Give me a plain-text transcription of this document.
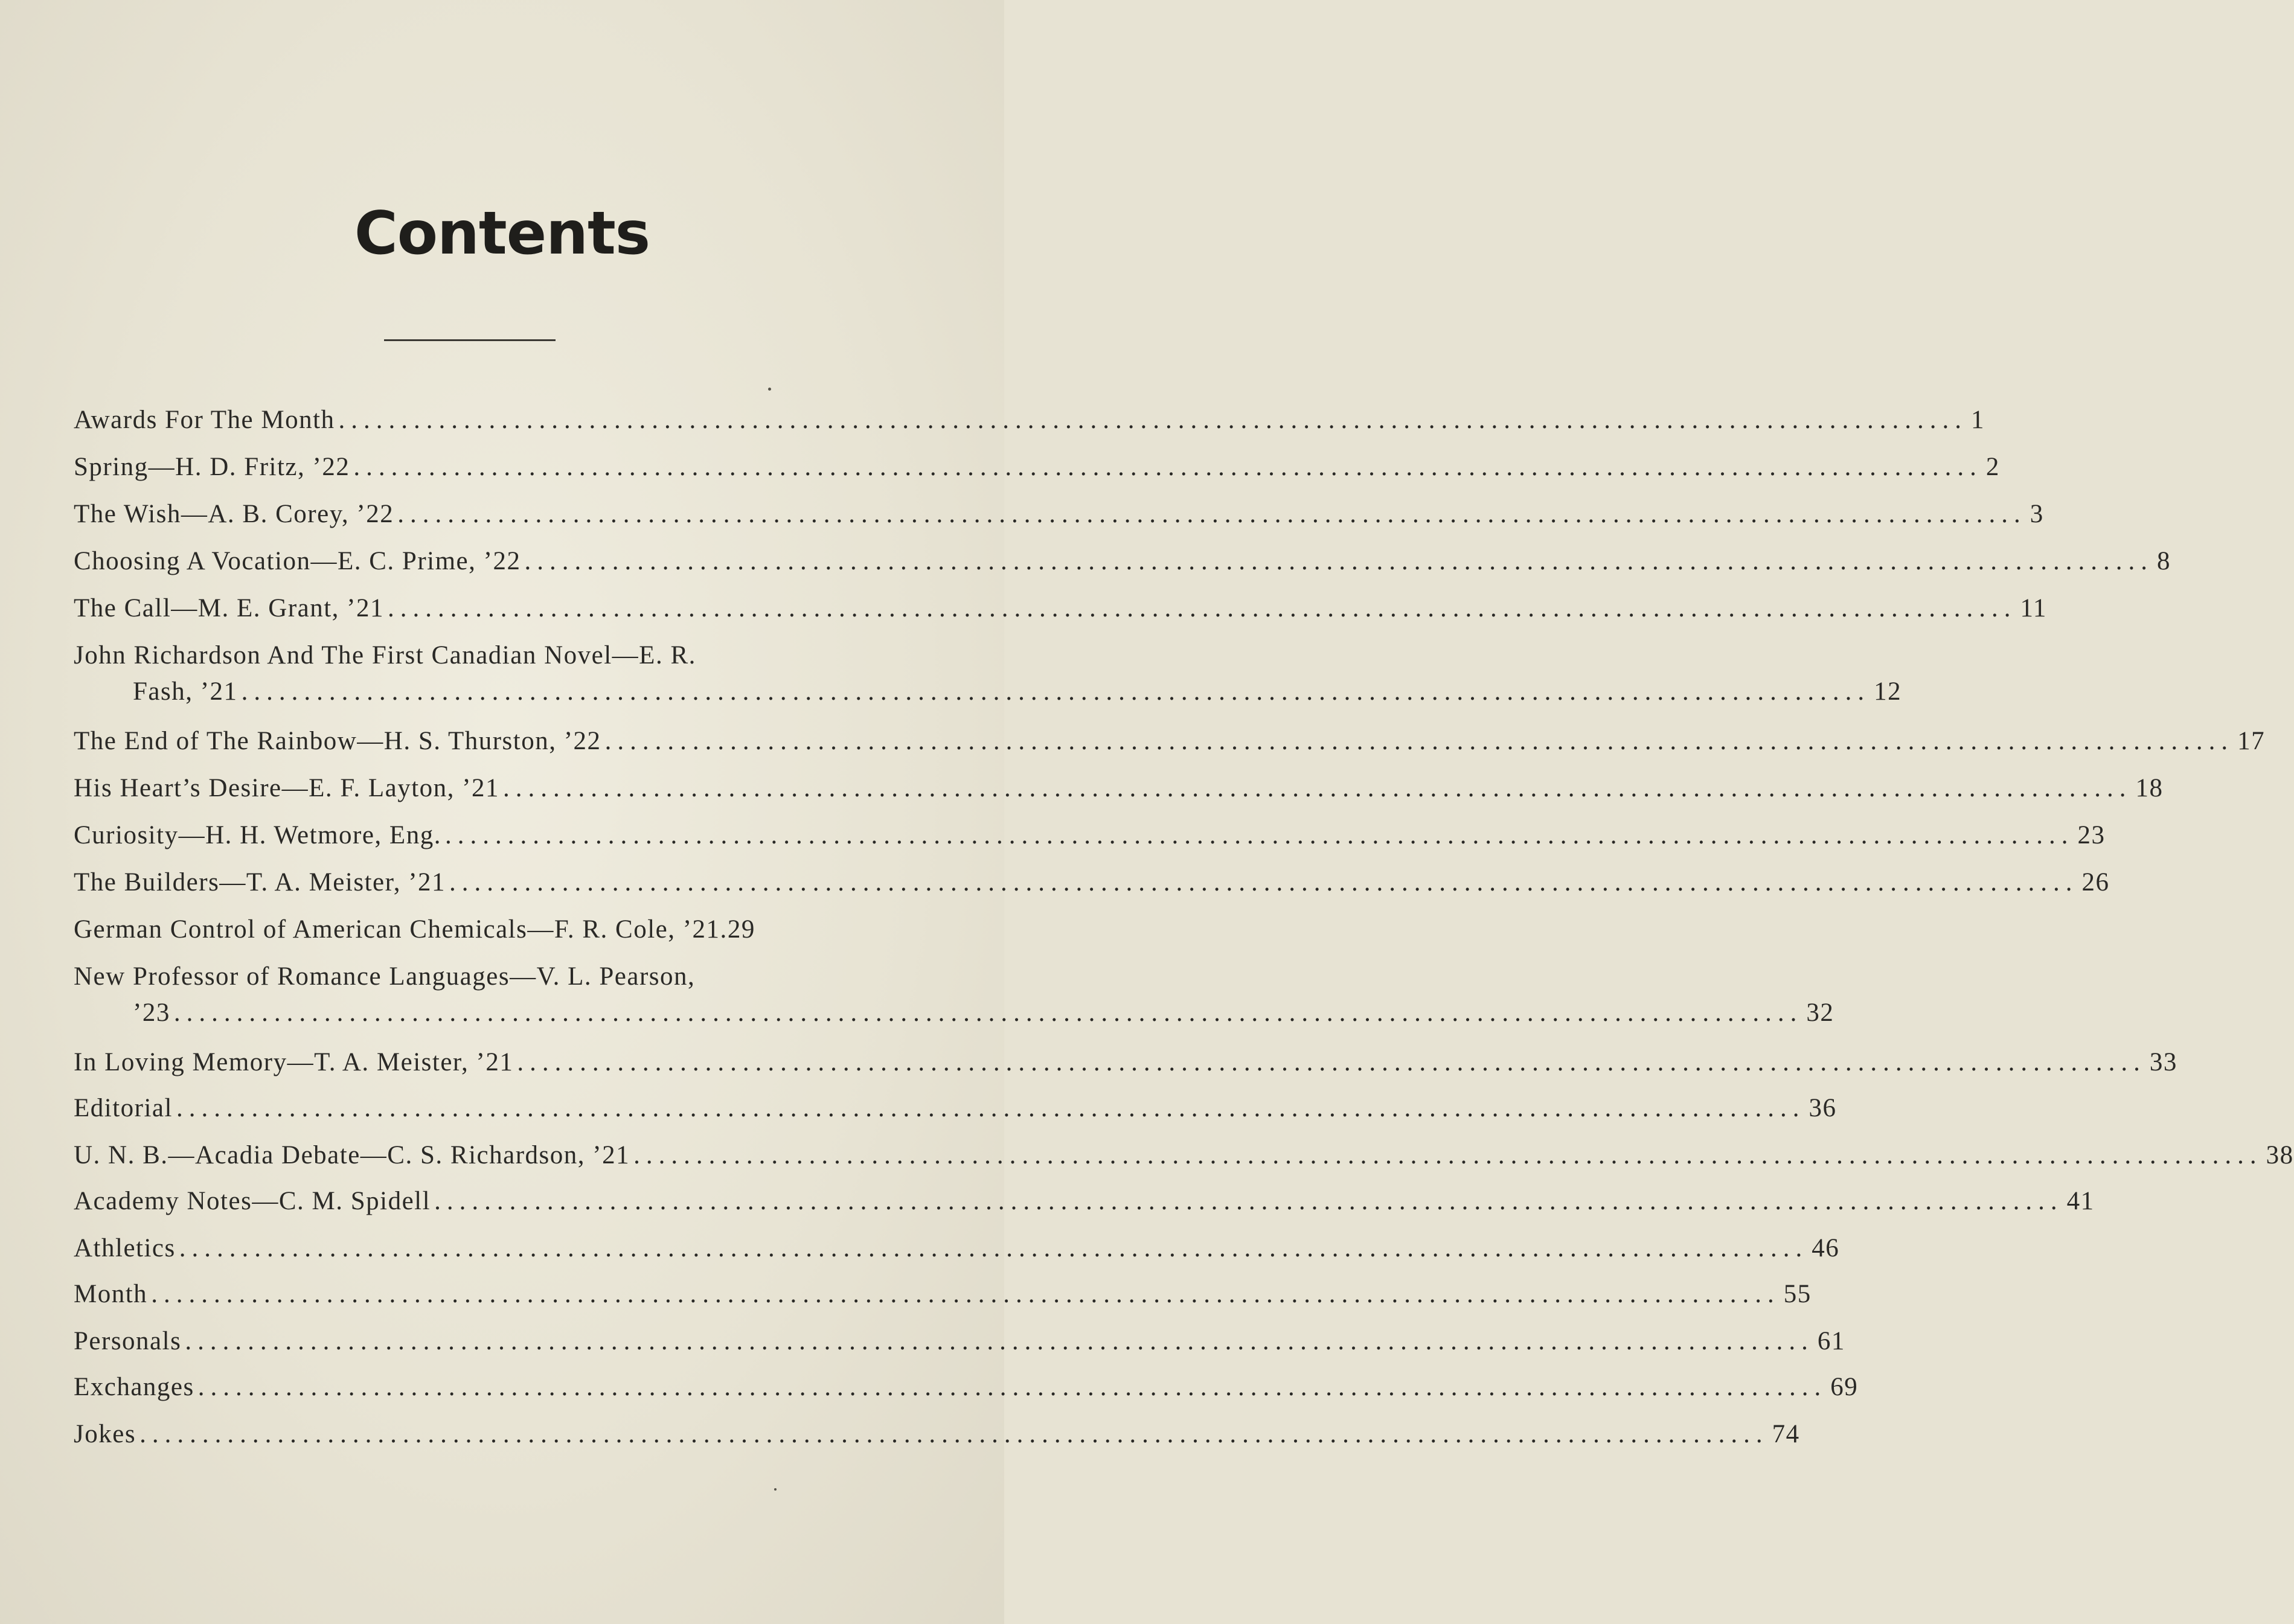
Contents
Awards For The Month .................................................................................................................................. 1
Spring—H. D. Fritz, ’22 .................................................................................................................................. 2
The Wish—A. B. Corey, ’22 .................................................................................................................................. 3
Choosing A Vocation—E. C. Prime, ’22 .................................................................................................................................. 8
The Call—M. E. Grant, ’21 .................................................................................................................................. 11
John Richardson And The First Canadian Novel—E. R.
Fash, ’21 .................................................................................................................................. 12
The End of The Rainbow—H. S. Thurston, ’22 .................................................................................................................................. 17
His Heart’s Desire—E. F. Layton, ’21 .................................................................................................................................. 18
Curiosity—H. H. Wetmore, Eng. .................................................................................................................................. 23
The Builders—T. A. Meister, ’21 .................................................................................................................................. 26
German Control of American Chemicals—F. R. Cole, ’21. 29
New Professor of Romance Languages—V. L. Pearson,
’23 .................................................................................................................................. 32
In Loving Memory—T. A. Meister, ’21 .................................................................................................................................. 33
Editorial .................................................................................................................................. 36
U. N. B.—Acadia Debate—C. S. Richardson, ’21 .................................................................................................................................. 38
Academy Notes—C. M. Spidell .................................................................................................................................. 41
Athletics .................................................................................................................................. 46
Month .................................................................................................................................. 55
Personals .................................................................................................................................. 61
Exchanges .................................................................................................................................. 69
Jokes .................................................................................................................................. 74
